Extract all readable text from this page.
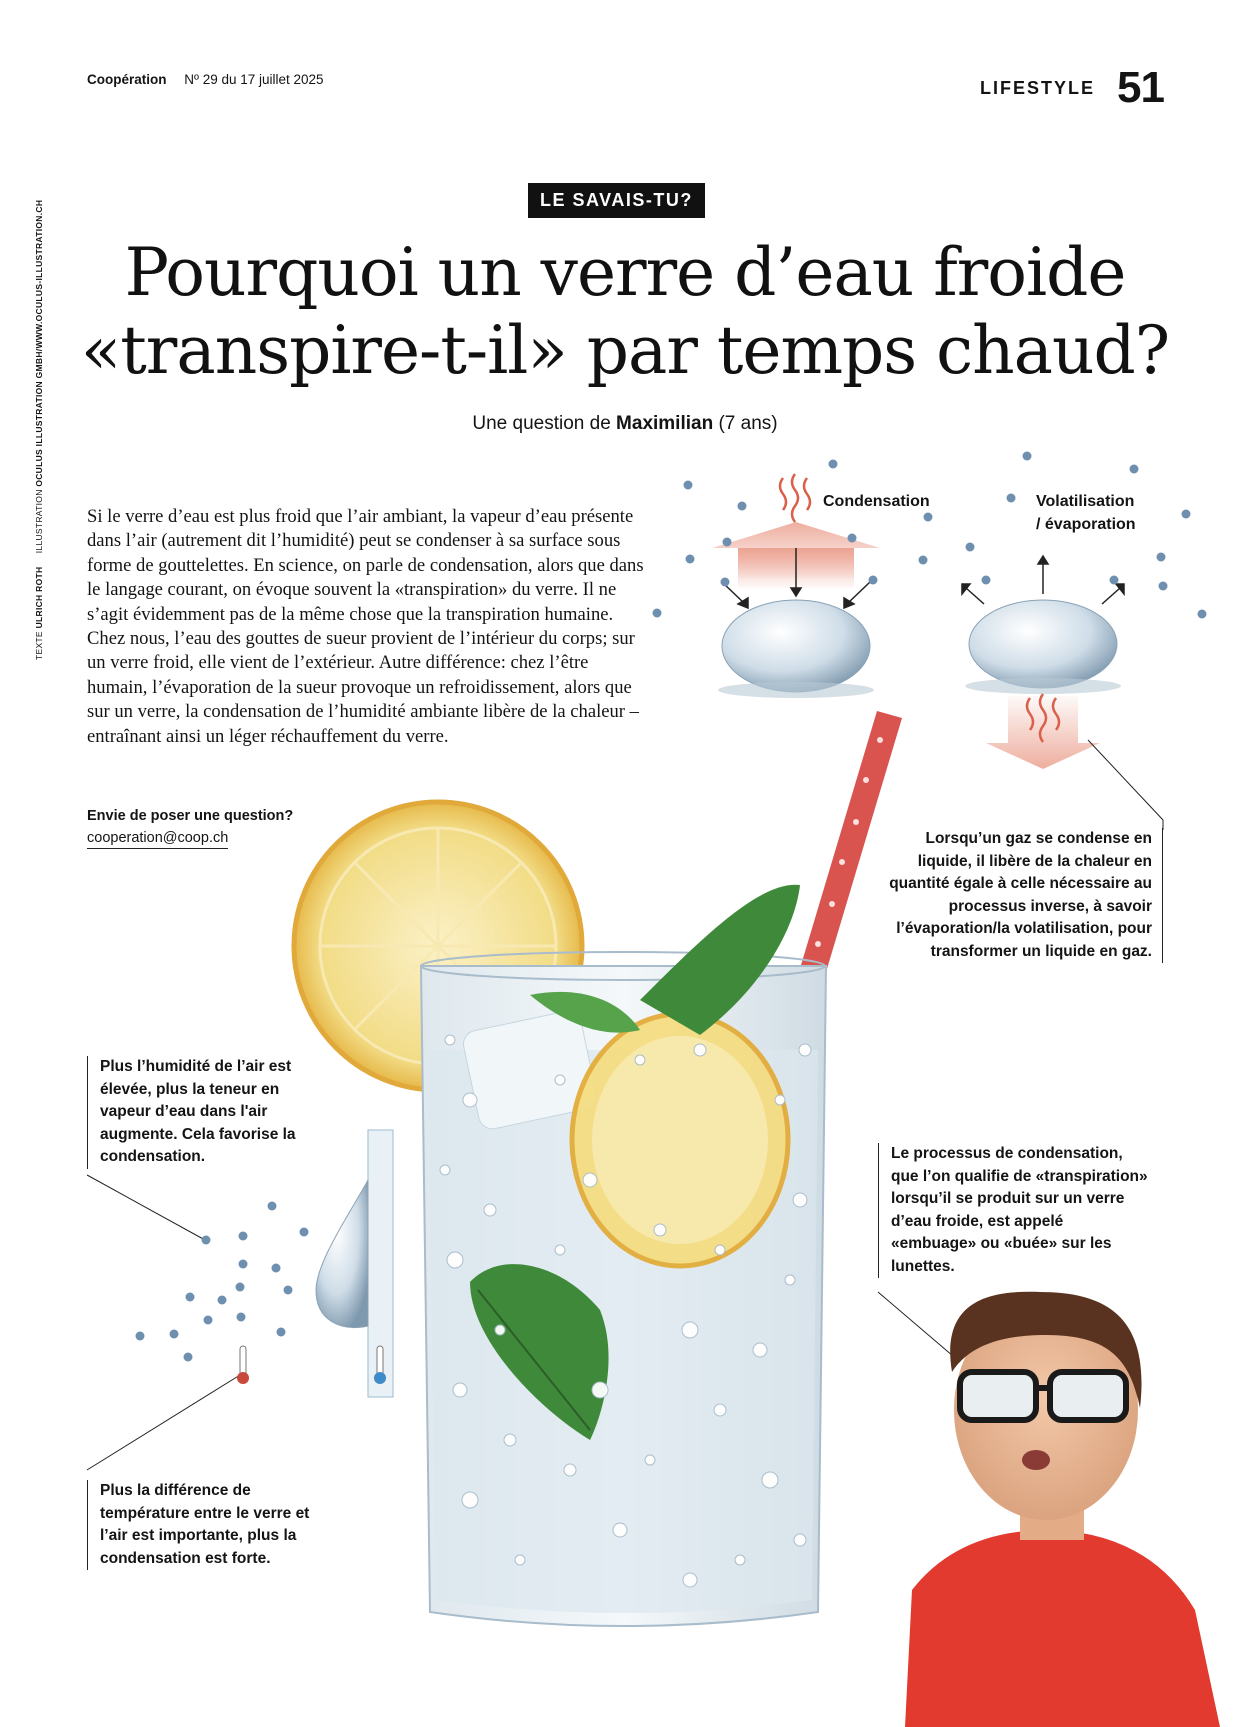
Coopération Nº 29 du 17 juillet 2025	LIFESTYLE 51
TEXTE ULRICH ROTH     ILLUSTRATION OCULUS ILLUSTRATION GMBH/WWW.OCULUS-ILLUSTRATION.CH
Condensation	Volatilisation
/ évaporation
LE SAVAIS-TU?
Pourquoi un verre d’eau froide
«transpire-t-il» par temps chaud?
Une question de Maximilian (7 ans)
Si le verre d’eau est plus froid que l’air ambiant, la vapeur d’eau présente dans l’air (autrement dit l’humidité) peut se condenser à sa surface sous forme de gouttelettes. En science, on parle de condensation, alors que dans le langage courant, on évoque souvent la «transpiration» du verre. Il ne s’agit évidemment pas de la même chose que la transpiration humaine. Chez nous, l’eau des gouttes de sueur provient de l’intérieur du corps; sur un verre froid, elle vient de l’extérieur. Autre différence: chez l’être humain, l’évaporation de la sueur provoque un refroidissement, alors que sur un verre, la condensation de l’humidité ambiante libère de la chaleur – entraînant ainsi un léger réchauffement du verre.
Envie de poser une question?
cooperation@coop.ch	Lorsqu’un gaz se condense en liquide, il libère de la chaleur en quantité égale à celle nécessaire au processus inverse, à savoir l’évaporation/la volatilisation, pour transformer un liquide en gaz.
Plus l’humidité de l’air est élevée, plus la teneur en vapeur d’eau dans l'air augmente. Cela favorise la condensation.
Plus la différence de température entre le verre et l’air est importante, plus la condensation est forte.
Le processus de condensation, que l’on qualifie de «transpiration» lorsqu’il se produit sur un verre d’eau froide, est appelé «embuage» ou «buée» sur les lunettes.
